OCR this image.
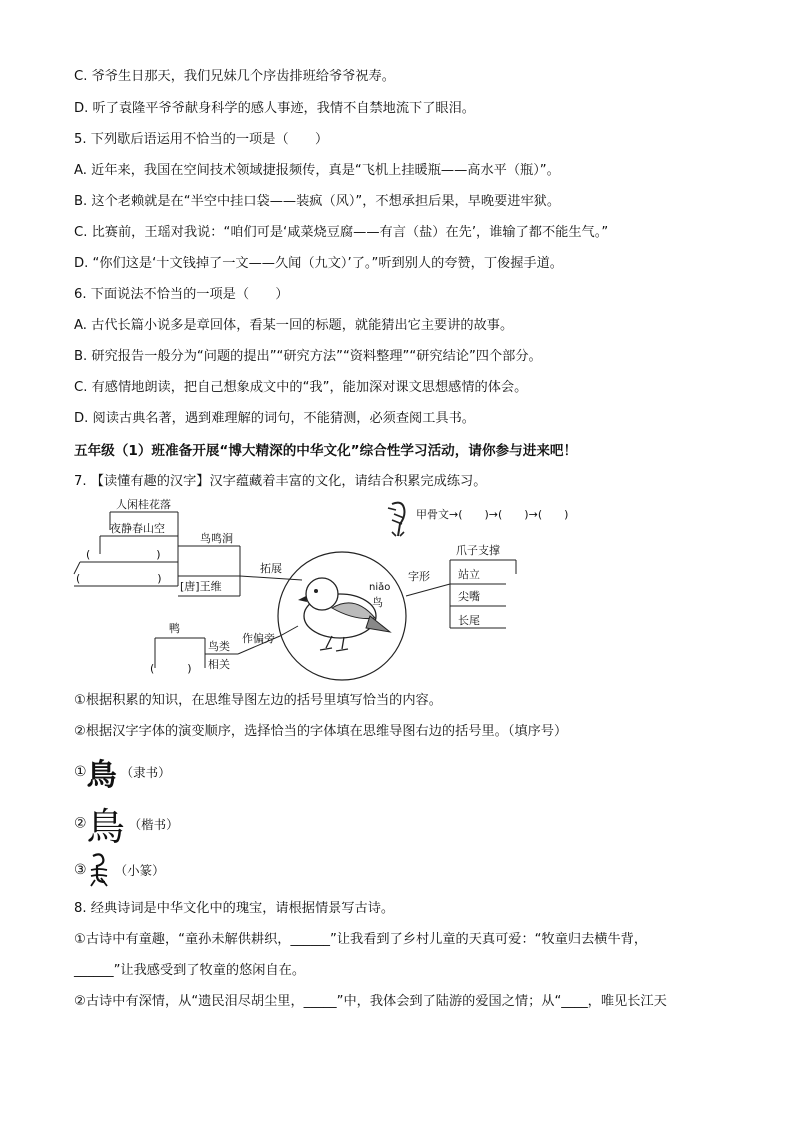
C. 爷爷生日那天，我们兄妹几个序齿排班给爷爷祝寿。
D. 听了袁隆平爷爷献身科学的感人事迹，我情不自禁地流下了眼泪。
5. 下列歇后语运用不恰当的一项是（　　）
A. 近年来，我国在空间技术领域捷报频传，真是“飞机上挂暖瓶——高水平（瓶）”。
B. 这个老赖就是在“半空中挂口袋——装疯（风）”，不想承担后果，早晚要进牢狱。
C. 比赛前，王瑶对我说：“咱们可是‘咸菜烧豆腐——有言（盐）在先’，谁输了都不能生气。”
D. “你们这是‘十文钱掉了一文——久闻（九文）’了。”听到别人的夸赞，丁俊握手道。
6. 下面说法不恰当的一项是（　　）
A. 古代长篇小说多是章回体，看某一回的标题，就能猜出它主要讲的故事。
B. 研究报告一般分为“问题的提出”“研究方法”“资料整理”“研究结论”四个部分。
C. 有感情地朗读，把自己想象成文中的“我”，能加深对课文思想感情的体会。
D. 阅读古典名著，遇到难理解的词句，不能猜测，必须查阅工具书。
五年级（1）班准备开展“博大精深的中华文化”综合性学习活动，请你参与进来吧！
7. 【读懂有趣的汉字】汉字蕴藏着丰富的文化，请结合积累完成练习。
人闲桂花落
夜静春山空
(　　　　　　)
(　　　　　　　)
鸟鸣涧
[唐]王维
拓展
鸭
(　　　)
鸟类
相关
作偏旁
niǎo
鸟
字形
爪子支撑
站立
尖嘴
长尾
甲骨文→(　　)→(　　)→(　　)
①根据积累的知识，在思维导图左边的括号里填写恰当的内容。
②根据汉字字体的演变顺序，选择恰当的字体填在思维导图右边的括号里。（填序号）
①鳥 （隶书）
②鳥 （楷书）
③ （小篆）
8. 经典诗词是中华文化中的瑰宝，请根据情景写古诗。
①古诗中有童趣，“童孙未解供耕织，______”让我看到了乡村儿童的天真可爱：“牧童归去横牛背，
______”让我感受到了牧童的悠闲自在。
②古诗中有深情，从“遗民泪尽胡尘里，_____”中，我体会到了陆游的爱国之情；从“____，唯见长江天
